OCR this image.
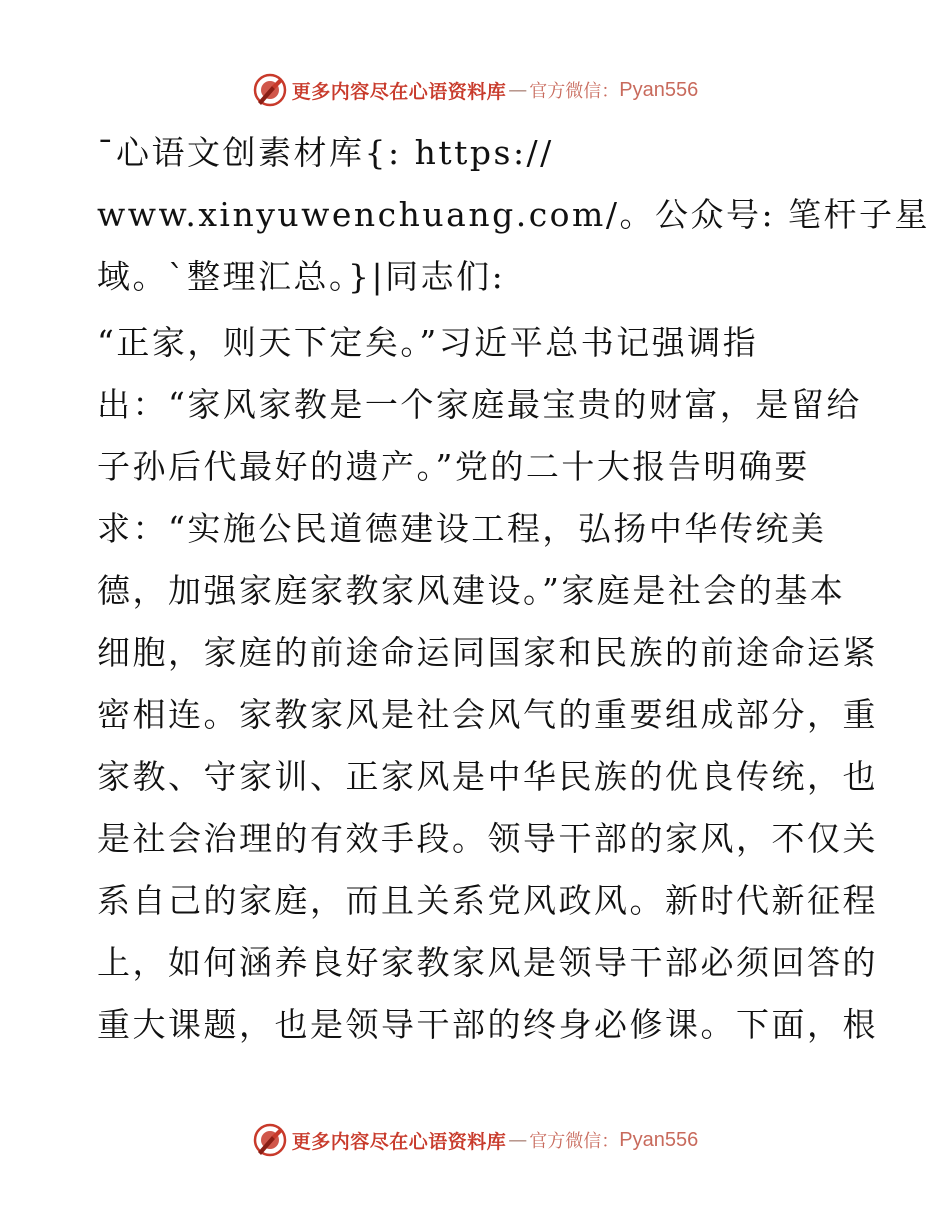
更多内容尽在心语资料库 — 官方微信： Pyan556
¯心语文创素材库{: https://
www.xinyuwenchuang.com/。公众号: 笔杆子星
域。`整理汇总。}|同志们:
“正家，则天下定矣。”习近平总书记强调指
出：“家风家教是一个家庭最宝贵的财富，是留给
子孙后代最好的遗产。”党的二十大报告明确要
求：“实施公民道德建设工程，弘扬中华传统美
德，加强家庭家教家风建设。”家庭是社会的基本
细胞，家庭的前途命运同国家和民族的前途命运紧
密相连。家教家风是社会风气的重要组成部分，重
家教、守家训、正家风是中华民族的优良传统，也
是社会治理的有效手段。领导干部的家风，不仅关
系自己的家庭，而且关系党风政风。新时代新征程
上，如何涵养良好家教家风是领导干部必须回答的
重大课题，也是领导干部的终身必修课。下面，根
更多内容尽在心语资料库 — 官方微信： Pyan556
